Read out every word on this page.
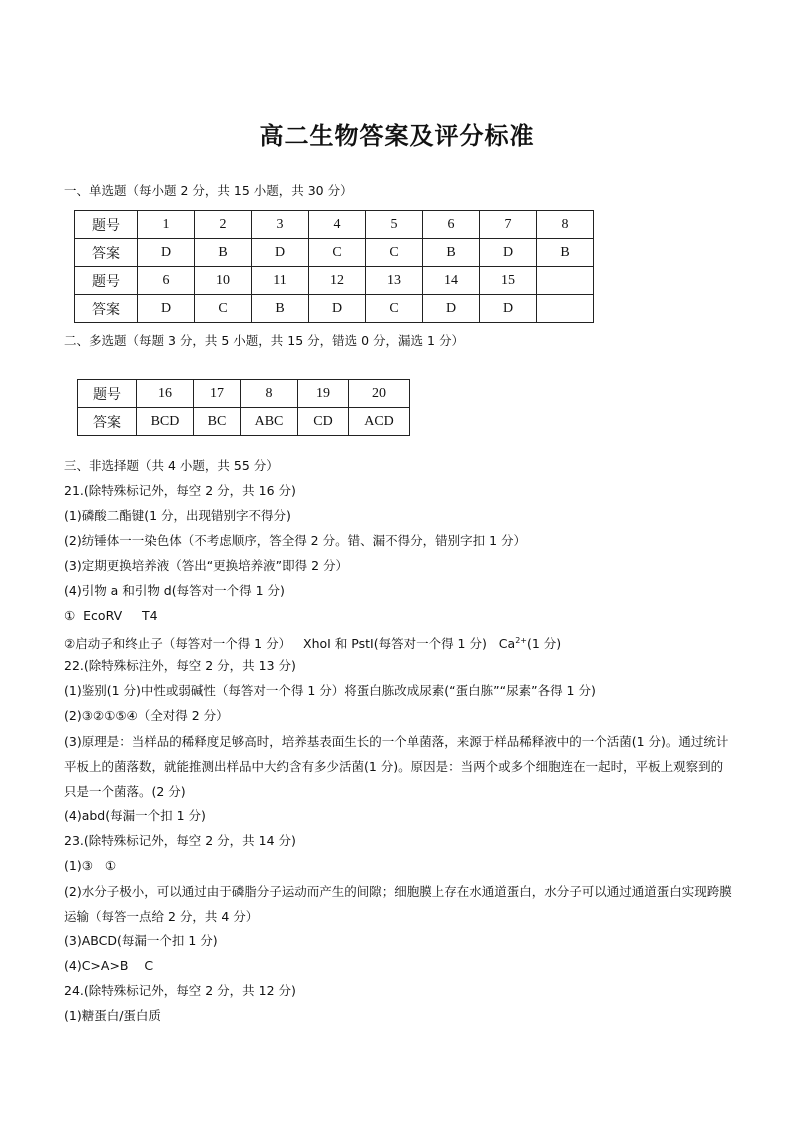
高二生物答案及评分标准
一、单选题（每小题 2 分，共 15 小题，共 30 分）
题号	1	2	3	4	5	6	7	8
答案	D	B	D	C	C	B	D	B
题号	6	10	11	12	13	14	15	
答案	D	C	B	D	C	D	D	
二、多选题（每题 3 分，共 5 小题，共 15 分，错选 0 分，漏选 1 分）
题号	16	17	8	19	20
答案	BCD	BC	ABC	CD	ACD
三、非选择题（共 4 小题，共 55 分）
21.(除特殊标记外，每空 2 分，共 16 分)
(1)磷酸二酯键(1 分，出现错别字不得分)
(2)纺锤体一一染色体（不考虑顺序，答全得 2 分。错、漏不得分，错别字扣 1 分）
(3)定期更换培养液（答出“更换培养液”即得 2 分）
(4)引物 a 和引物 d(每答对一个得 1 分)
①  EcoRV     T4
②启动子和终止子（每答对一个得 1 分）   XhoI 和 PstI(每答对一个得 1 分)   $Ca^{2+}(1$ 分)
22.(除特殊标注外，每空 2 分，共 13 分)
(1)鉴别(1 分)中性或弱碱性（每答对一个得 1 分）将蛋白胨改成尿素(“蛋白胨”“尿素”各得 1 分)
(2)③②①⑤④（全对得 2 分）
(3)原理是：当样品的稀释度足够高时，培养基表面生长的一个单菌落，来源于样品稀释液中的一个活菌(1 分)。通过统计平板上的菌落数，就能推测出样品中大约含有多少活菌(1 分)。原因是：当两个或多个细胞连在一起时，平板上观察到的只是一个菌落。(2 分)
(4)abd(每漏一个扣 1 分)
23.(除特殊标记外，每空 2 分，共 14 分)
(1)③   ①
(2)水分子极小，可以通过由于磷脂分子运动而产生的间隙；细胞膜上存在水通道蛋白，水分子可以通过通道蛋白实现跨膜运输（每答一点给 2 分，共 4 分）
(3)ABCD(每漏一个扣 1 分)
(4)C>A>B    C
24.(除特殊标记外，每空 2 分，共 12 分)
(1)糖蛋白/蛋白质
